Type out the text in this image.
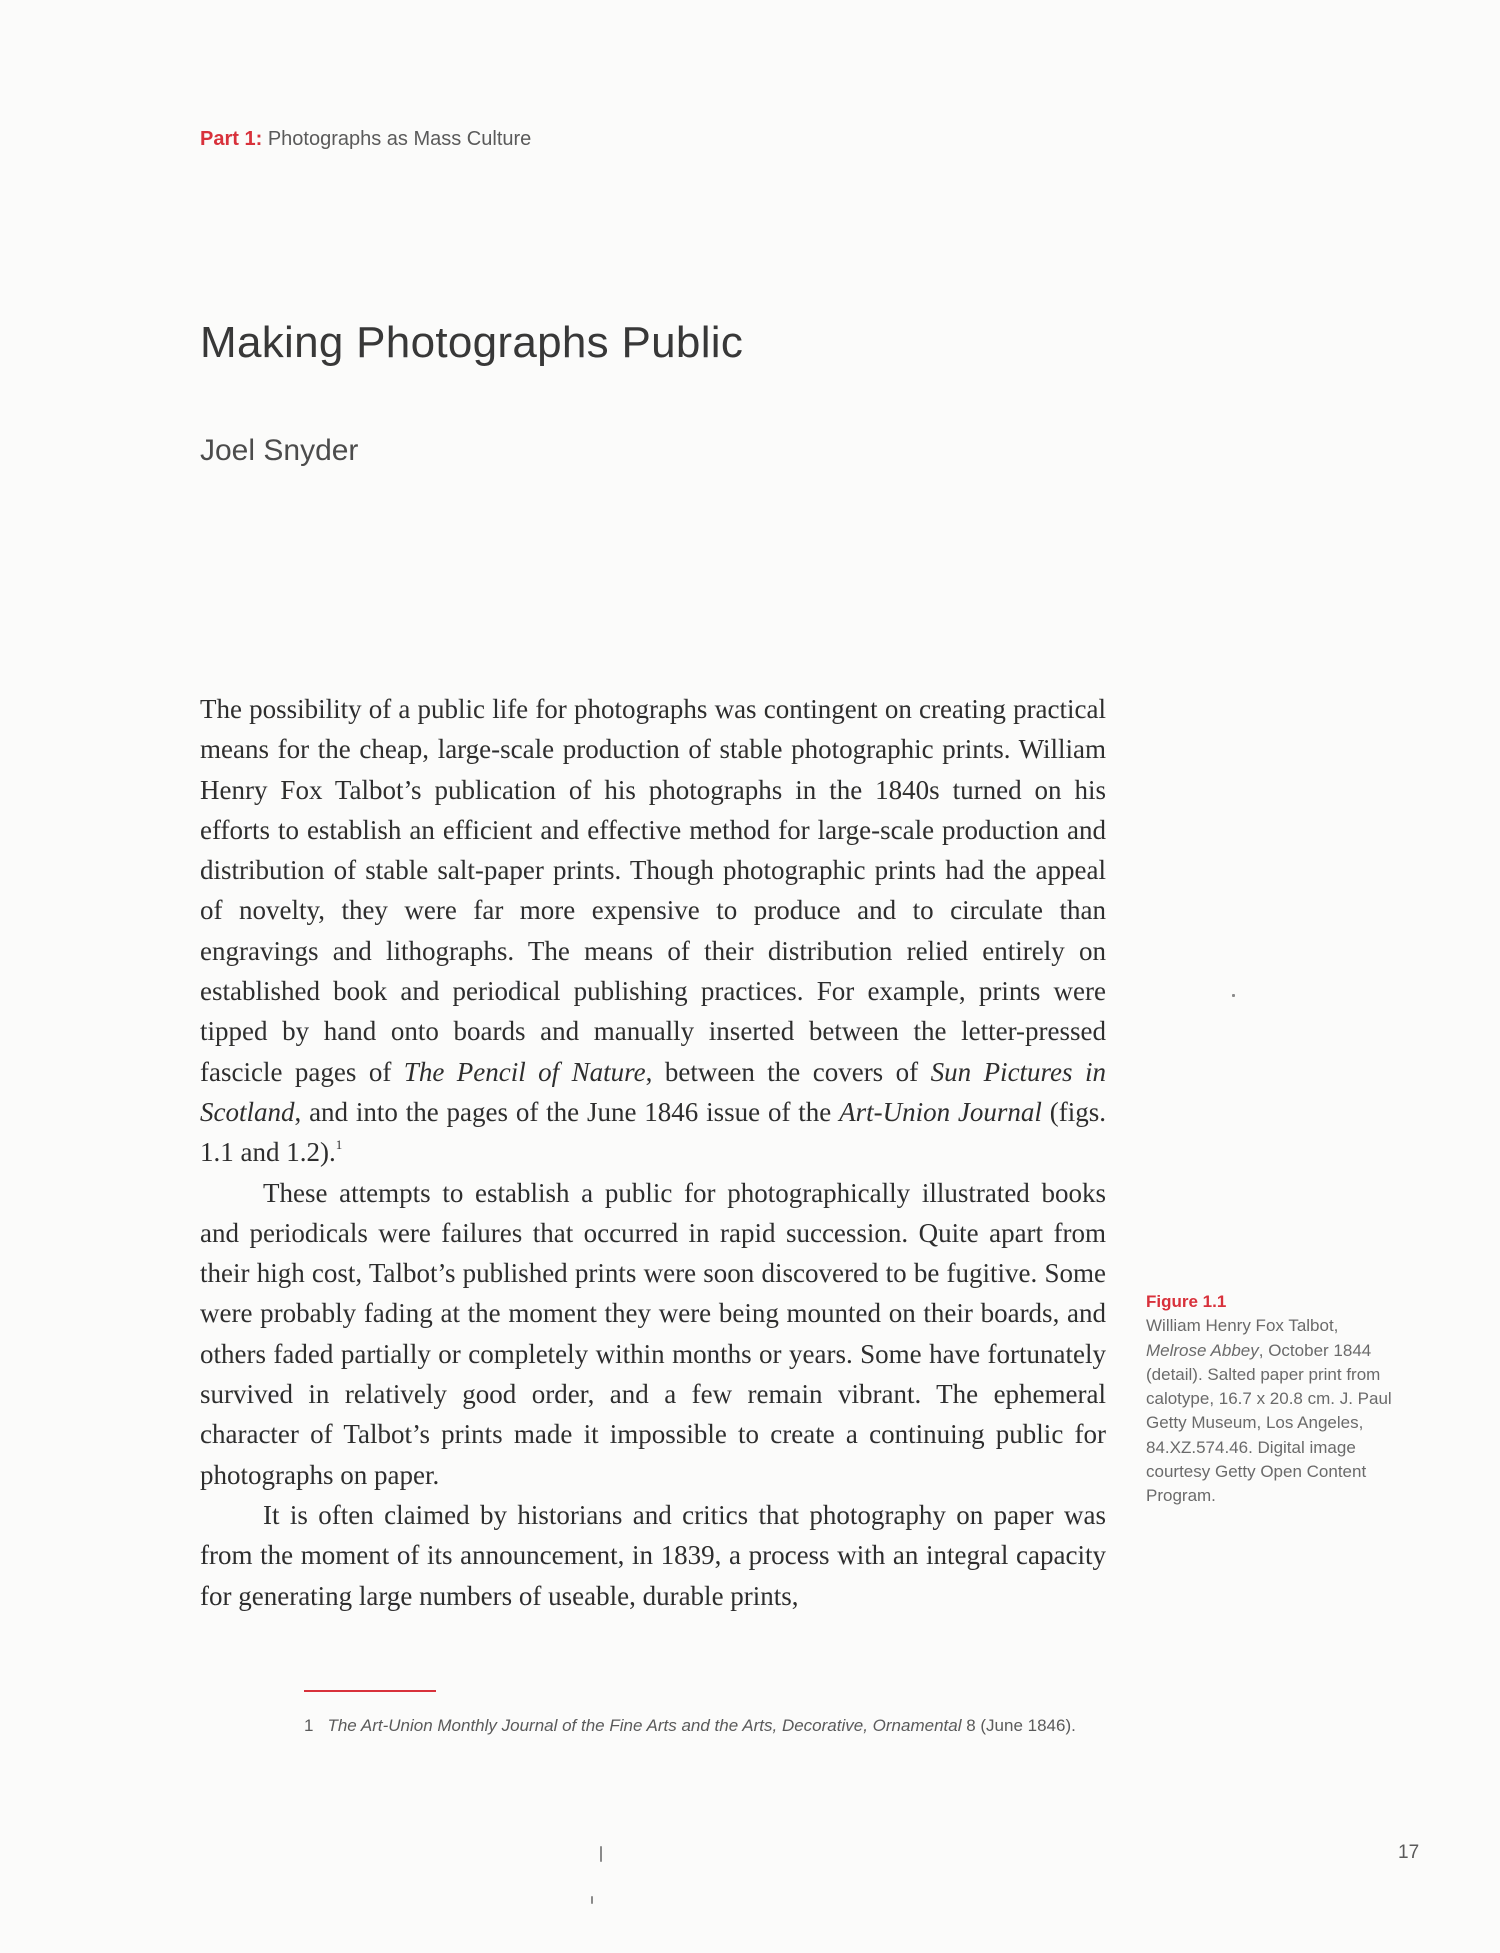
Part 1: Photographs as Mass Culture
Making Photographs Public
Joel Snyder

The possibility of a public life for photographs was contingent on creating practical means for the cheap, large-scale production of stable photographic prints. William Henry Fox Talbot’s publication of his photographs in the 1840s turned on his efforts to establish an efficient and effective method for large-scale production and distribution of stable salt-paper prints. Though photographic prints had the appeal of novelty, they were far more expensive to produce and to circulate than engravings and lithographs. The means of their distribution relied entirely on established book and periodical publishing practices. For example, prints were tipped by hand onto boards and manually inserted between the letter-pressed fascicle pages of The Pencil of Nature, between the covers of Sun Pictures in Scotland, and into the pages of the June 1846 issue of the Art-Union Journal (figs. 1.1 and 1.2).$^1$

These attempts to establish a public for photographically illustrated books and periodicals were failures that occurred in rapid succession. Quite apart from their high cost, Talbot’s published prints were soon discovered to be fugitive. Some were probably fading at the moment they were being mounted on their boards, and others faded partially or completely within months or years. Some have fortunately survived in relatively good order, and a few remain vibrant. The ephemeral character of Talbot’s prints made it impossible to create a continuing public for photographs on paper.

It is often claimed by historians and critics that photography on paper was from the moment of its announcement, in 1839, a process with an integral capacity for generating large numbers of useable, durable prints,

Figure 1.1
William Henry Fox Talbot,
Melrose Abbey, October 1844 (detail). Salted paper print from calotype, 16.7 x 20.8 cm. J. Paul Getty Museum, Los Angeles, 84.XZ.574.46. Digital image courtesy Getty Open Content Program.
1 The Art-Union Monthly Journal of the Fine Arts and the Arts, Decorative, Ornamental 8 (June 1846).
17
